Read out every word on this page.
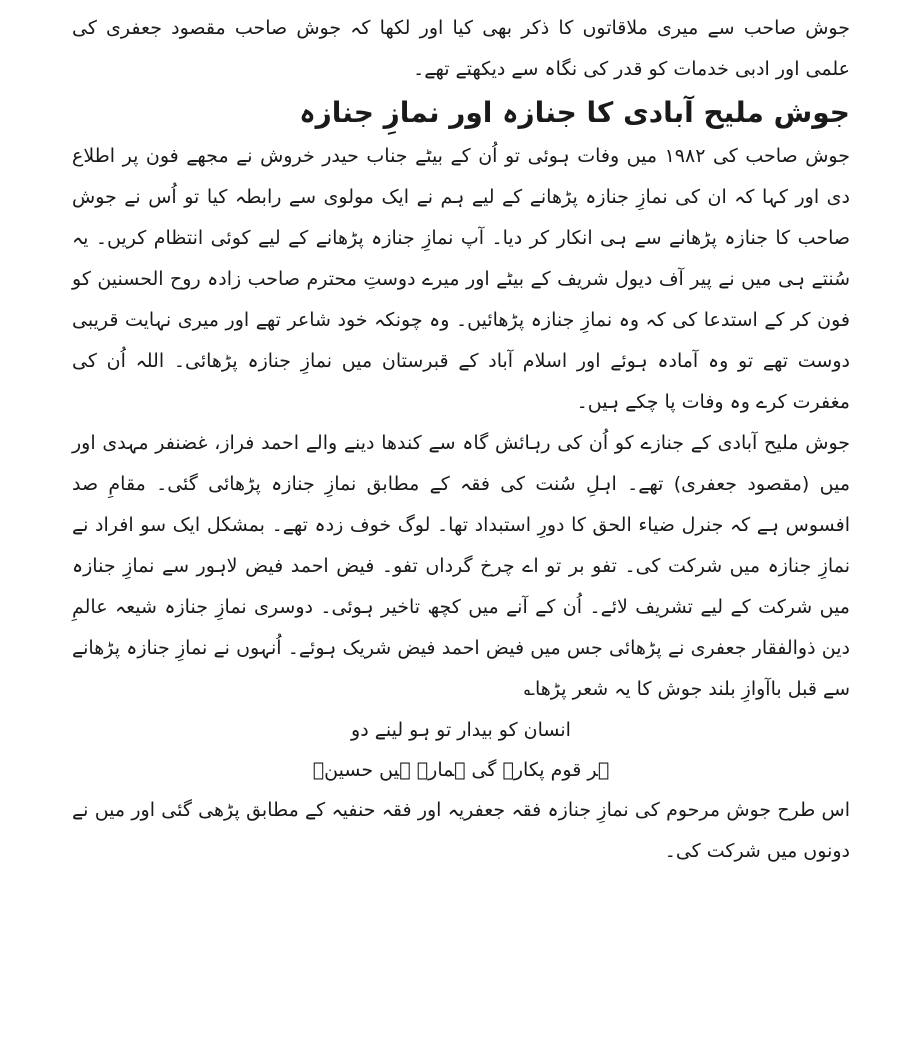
جوش صاحب سے میری ملاقاتوں کا ذکر بھی کیا اور لکھا کہ جوش صاحب مقصود جعفری کی علمی اور ادبی خدمات کو قدر کی نگاہ سے دیکھتے تھے۔

جوش ملیح آبادی کا جنازہ اور نمازِ جنازہ

جوش صاحب کی ۱۹۸۲ میں وفات ہوئی تو اُن کے بیٹے جناب حیدر خروش نے مجھے فون پر اطلاع دی اور کہا کہ ان کی نمازِ جنازہ پڑھانے کے لیے ہم نے ایک مولوی سے رابطہ کیا تو اُس نے جوش صاحب کا جنازہ پڑھانے سے ہی انکار کر دیا۔ آپ نمازِ جنازہ پڑھانے کے لیے کوئی انتظام کریں۔ یہ سُنتے ہی میں نے پیر آف دیول شریف کے بیٹے اور میرے دوستِ محترم صاحب زادہ روح الحسنین کو فون کر کے استدعا کی کہ وہ نمازِ جنازہ پڑھائیں۔ وہ چونکہ خود شاعر تھے اور میری نہایت قریبی دوست تھے تو وہ آمادہ ہوئے اور اسلام آباد کے قبرستان میں نمازِ جنازہ پڑھائی۔ اللہ اُن کی مغفرت کرے وہ وفات پا چکے ہیں۔

جوش ملیح آبادی کے جنازے کو اُن کی رہائش گاہ سے کندھا دینے والے احمد فراز، غضنفر مہدی اور میں (مقصود جعفری) تھے۔ اہلِ سُنت کی فقہ کے مطابق نمازِ جنازہ پڑھائی گئی۔ مقامِ صد افسوس ہے کہ جنرل ضیاء الحق کا دورِ استبداد تھا۔ لوگ خوف زدہ تھے۔ بمشکل ایک سو افراد نے نمازِ جنازہ میں شرکت کی۔ تفو بر تو اے چرخ گرداں تفو۔ فیض احمد فیض لاہور سے نمازِ جنازہ میں شرکت کے لیے تشریف لائے۔ اُن کے آنے میں کچھ تاخیر ہوئی۔ دوسری نمازِ جنازہ شیعہ عالمِ دین ذوالفقار جعفری نے پڑھائی جس میں فیض احمد فیض شریک ہوئے۔ اُنہوں نے نمازِ جنازہ پڑھانے سے قبل باآوازِ بلند جوش کا یہ شعر پڑھا؎

انسان کو بیدار تو ہو لینے دو

ہر قوم پکارے گی ہمارے ہیں حسینؑ

اس طرح جوش مرحوم کی نمازِ جنازہ فقہ جعفریہ اور فقہ حنفیہ کے مطابق پڑھی گئی اور میں نے دونوں میں شرکت کی۔
